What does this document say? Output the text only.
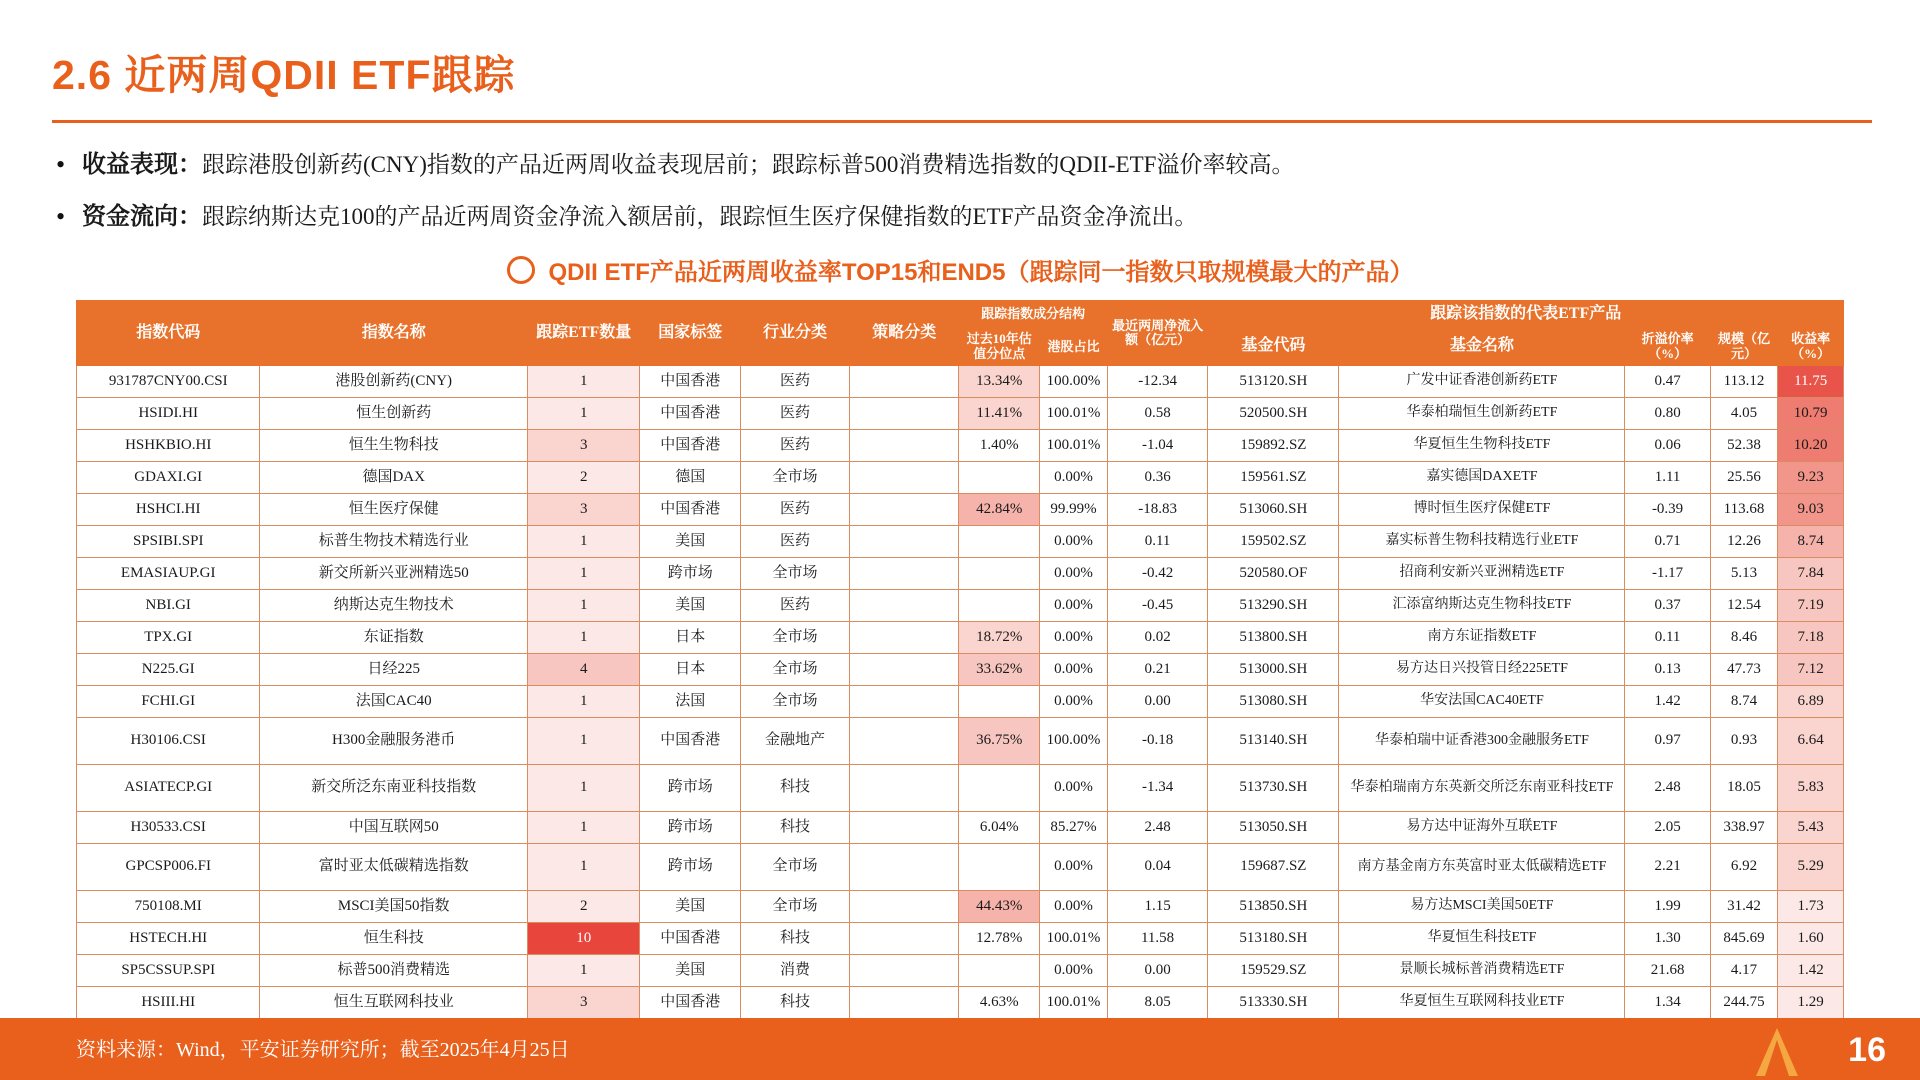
2.6 近两周QDII ETF跟踪
• 收益表现：跟踪港股创新药(CNY)指数的产品近两周收益表现居前；跟踪标普500消费精选指数的QDII-ETF溢价率较高。
• 资金流向：跟踪纳斯达克100的产品近两周资金净流入额居前，跟踪恒生医疗保健指数的ETF产品资金净流出。
QDII ETF产品近两周收益率TOP15和END5（跟踪同一指数只取规模最大的产品）
指数代码	指数名称	跟踪ETF数量	国家标签	行业分类	策略分类	跟踪指数成分结构		最近两周净流入额（亿元）	跟踪该指数的代表ETF产品				
						过去10年估值分位点	港股占比		基金代码	基金名称	折溢价率（%）	规模（亿元）	收益率（%）
931787CNY00.CSI	港股创新药(CNY)	1	中国香港	医药		13.34%	100.00%	-12.34	513120.SH	广发中证香港创新药ETF	0.47	113.12	11.75
HSIDI.HI	恒生创新药	1	中国香港	医药		11.41%	100.01%	0.58	520500.SH	华泰柏瑞恒生创新药ETF	0.80	4.05	10.79
HSHKBIO.HI	恒生生物科技	3	中国香港	医药		1.40%	100.01%	-1.04	159892.SZ	华夏恒生生物科技ETF	0.06	52.38	10.20
GDAXI.GI	德国DAX	2	德国	全市场			0.00%	0.36	159561.SZ	嘉实德国DAXETF	1.11	25.56	9.23
HSHCI.HI	恒生医疗保健	3	中国香港	医药		42.84%	99.99%	-18.83	513060.SH	博时恒生医疗保健ETF	-0.39	113.68	9.03
SPSIBI.SPI	标普生物技术精选行业	1	美国	医药			0.00%	0.11	159502.SZ	嘉实标普生物科技精选行业ETF	0.71	12.26	8.74
EMASIAUP.GI	新交所新兴亚洲精选50	1	跨市场	全市场			0.00%	-0.42	520580.OF	招商利安新兴亚洲精选ETF	-1.17	5.13	7.84
NBI.GI	纳斯达克生物技术	1	美国	医药			0.00%	-0.45	513290.SH	汇添富纳斯达克生物科技ETF	0.37	12.54	7.19
TPX.GI	东证指数	1	日本	全市场		18.72%	0.00%	0.02	513800.SH	南方东证指数ETF	0.11	8.46	7.18
N225.GI	日经225	4	日本	全市场		33.62%	0.00%	0.21	513000.SH	易方达日兴投管日经225ETF	0.13	47.73	7.12
FCHI.GI	法国CAC40	1	法国	全市场			0.00%	0.00	513080.SH	华安法国CAC40ETF	1.42	8.74	6.89
H30106.CSI	H300金融服务港币	1	中国香港	金融地产		36.75%	100.00%	-0.18	513140.SH	华泰柏瑞中证香港300金融服务ETF	0.97	0.93	6.64
ASIATECP.GI	新交所泛东南亚科技指数	1	跨市场	科技			0.00%	-1.34	513730.SH	华泰柏瑞南方东英新交所泛东南亚科技ETF	2.48	18.05	5.83
H30533.CSI	中国互联网50	1	跨市场	科技		6.04%	85.27%	2.48	513050.SH	易方达中证海外互联ETF	2.05	338.97	5.43
GPCSP006.FI	富时亚太低碳精选指数	1	跨市场	全市场			0.00%	0.04	159687.SZ	南方基金南方东英富时亚太低碳精选ETF	2.21	6.92	5.29
750108.MI	MSCI美国50指数	2	美国	全市场		44.43%	0.00%	1.15	513850.SH	易方达MSCI美国50ETF	1.99	31.42	1.73
HSTECH.HI	恒生科技	10	中国香港	科技		12.78%	100.01%	11.58	513180.SH	华夏恒生科技ETF	1.30	845.69	1.60
SP5CSSUP.SPI	标普500消费精选	1	美国	消费			0.00%	0.00	159529.SZ	景顺长城标普消费精选ETF	21.68	4.17	1.42
HSIII.HI	恒生互联网科技业	3	中国香港	科技		4.63%	100.01%	8.05	513330.SH	华夏恒生互联网科技业ETF	1.34	244.75	1.29

资料来源：Wind，平安证券研究所；截至2025年4月25日	16
